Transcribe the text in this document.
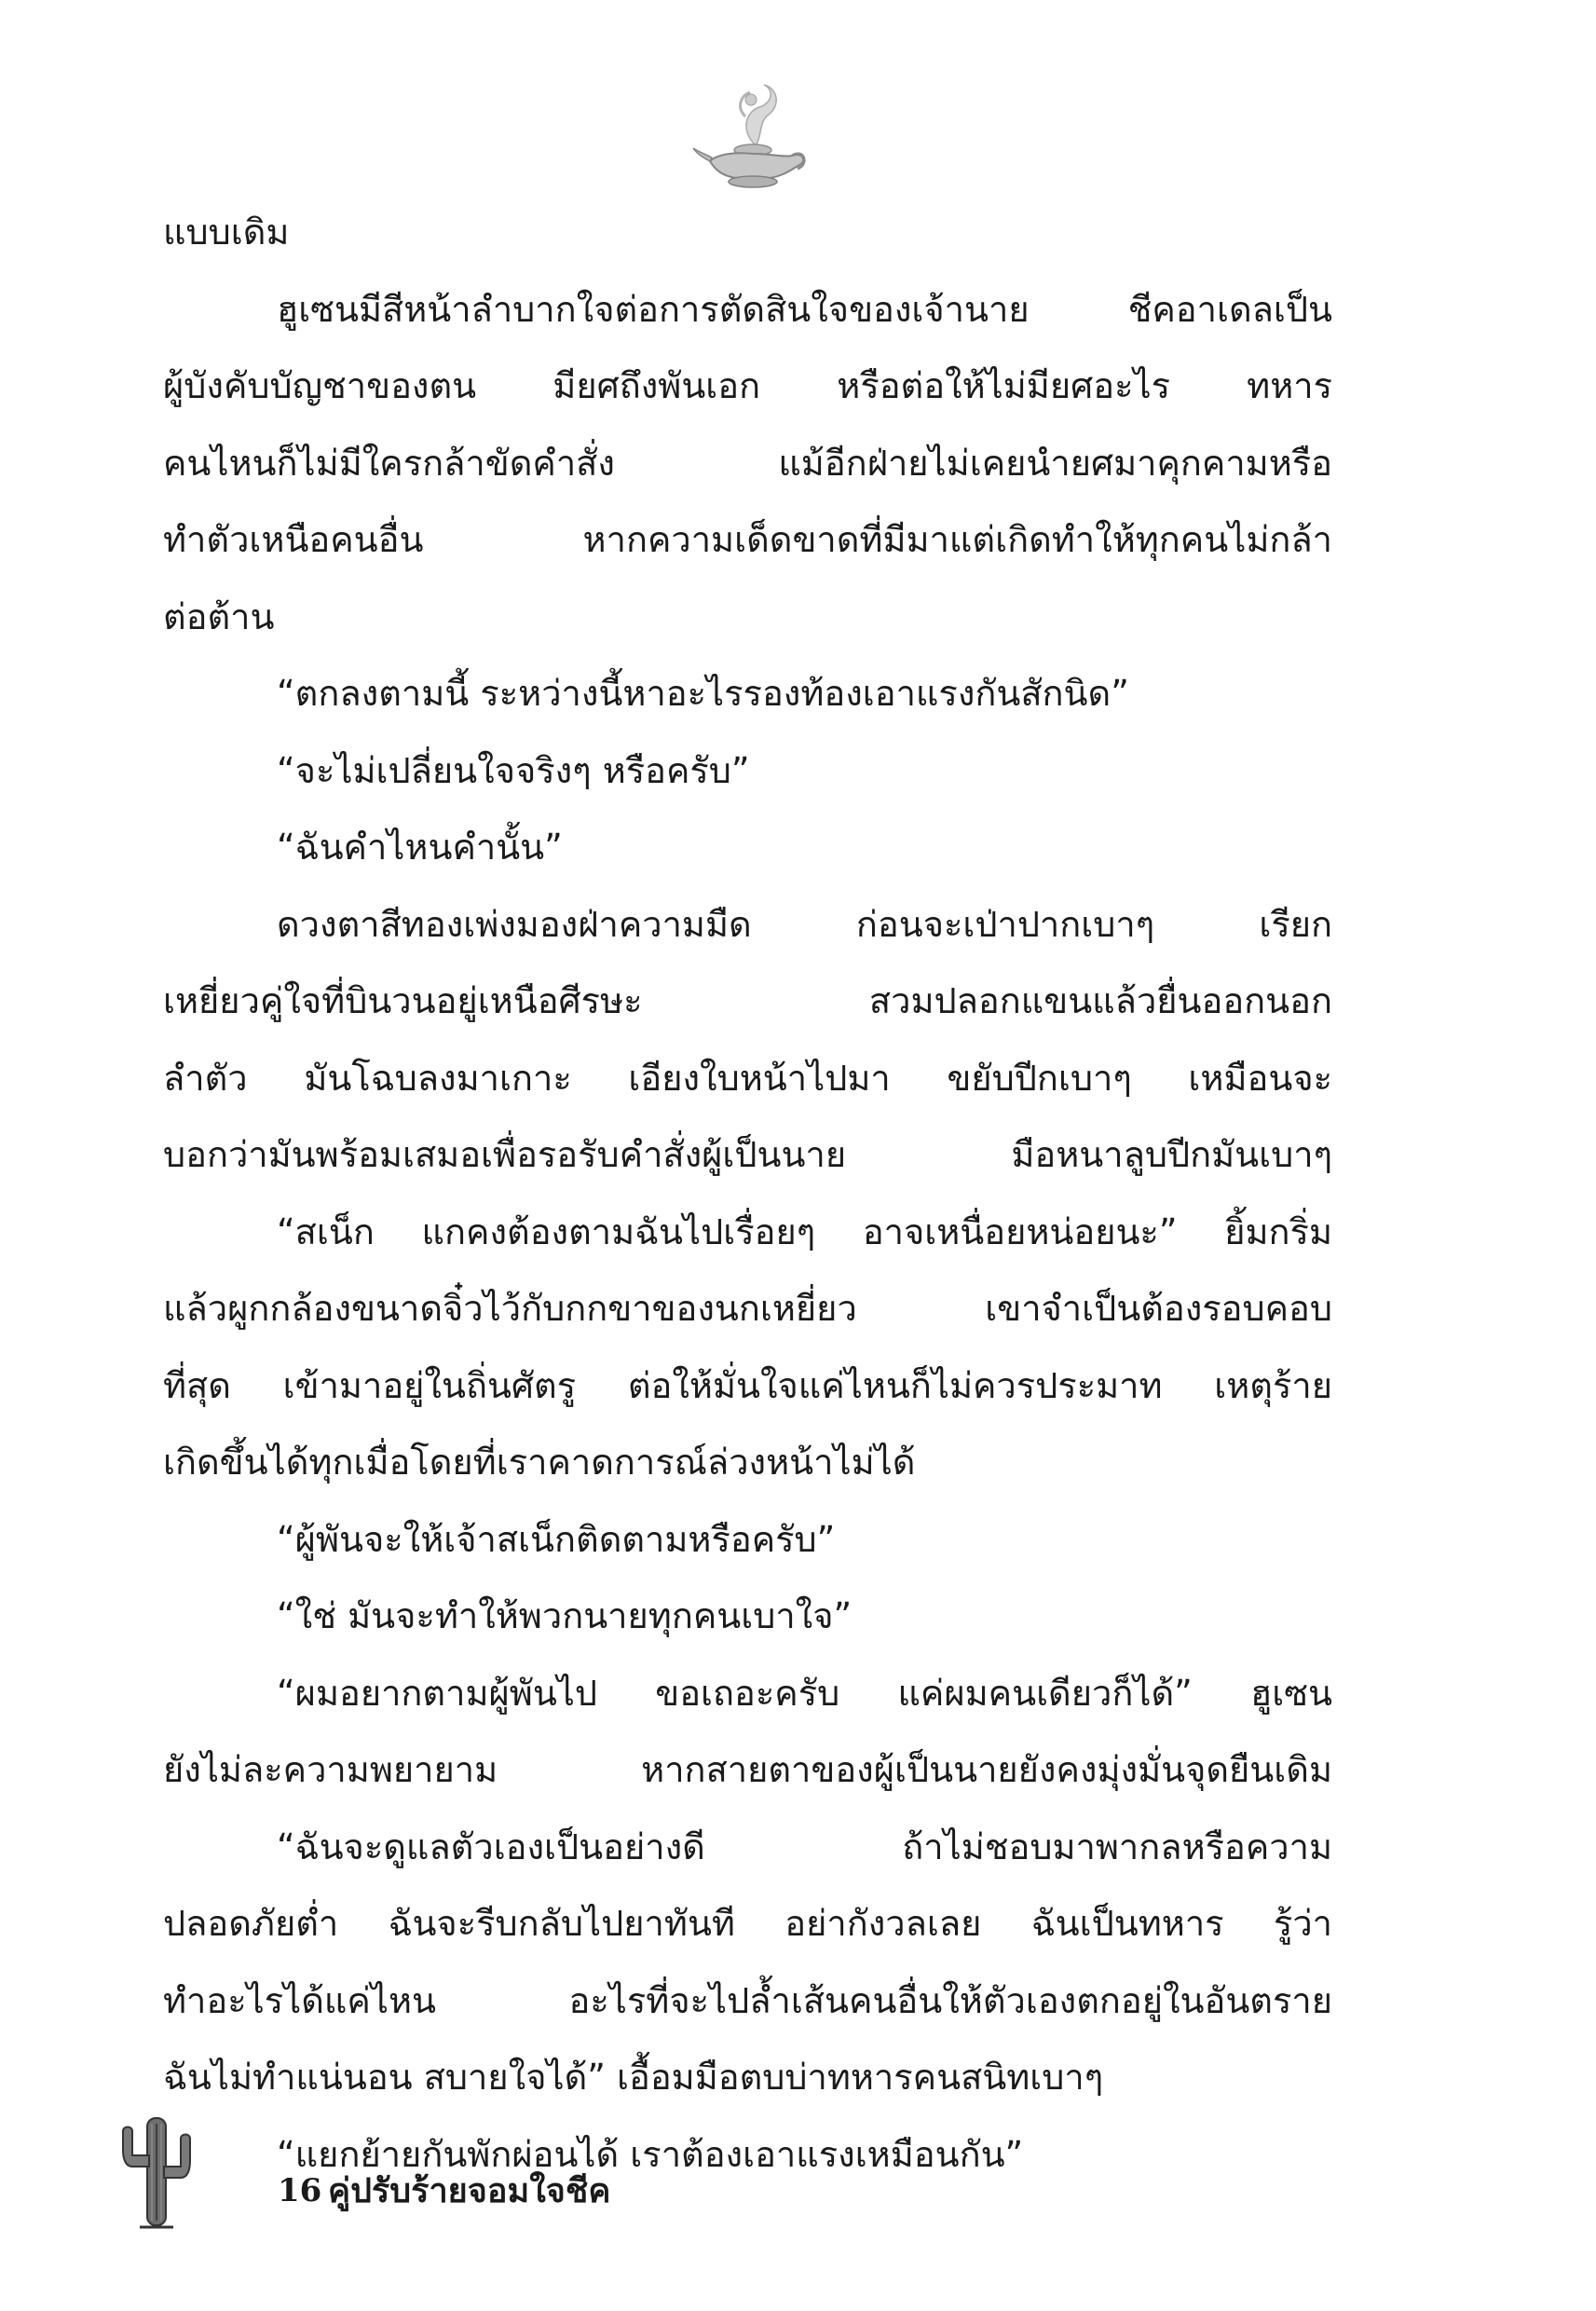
แบบเดิม
ฮูเซนมีสีหน้าลำบากใจต่อการตัดสินใจของเจ้านาย ชีคอาเดลเป็น
ผู้บังคับบัญชาของตน มียศถึงพันเอก หรือต่อให้ไม่มียศอะไร ทหาร
คนไหนก็ไม่มีใครกล้าขัดคำสั่ง แม้อีกฝ่ายไม่เคยนำยศมาคุกคามหรือ
ทำตัวเหนือคนอื่น หากความเด็ดขาดที่มีมาแต่เกิดทำให้ทุกคนไม่กล้า
ต่อต้าน
“ตกลงตามนี้ ระหว่างนี้หาอะไรรองท้องเอาแรงกันสักนิด”
“จะไม่เปลี่ยนใจจริงๆ หรือครับ”
“ฉันคำไหนคำนั้น”
ดวงตาสีทองเพ่งมองฝ่าความมืด ก่อนจะเป่าปากเบาๆ เรียก
เหยี่ยวคู่ใจที่บินวนอยู่เหนือศีรษะ สวมปลอกแขนแล้วยื่นออกนอก
ลำตัว มันโฉบลงมาเกาะ เอียงใบหน้าไปมา ขยับปีกเบาๆ เหมือนจะ
บอกว่ามันพร้อมเสมอเพื่อรอรับคำสั่งผู้เป็นนาย มือหนาลูบปีกมันเบาๆ
“สเน็ก แกคงต้องตามฉันไปเรื่อยๆ อาจเหนื่อยหน่อยนะ” ยิ้มกริ่ม
แล้วผูกกล้องขนาดจิ๋วไว้กับกกขาของนกเหยี่ยว เขาจำเป็นต้องรอบคอบ
ที่สุด เข้ามาอยู่ในถิ่นศัตรู ต่อให้มั่นใจแค่ไหนก็ไม่ควรประมาท เหตุร้าย
เกิดขึ้นได้ทุกเมื่อโดยที่เราคาดการณ์ล่วงหน้าไม่ได้
“ผู้พันจะให้เจ้าสเน็กติดตามหรือครับ”
“ใช่ มันจะทำให้พวกนายทุกคนเบาใจ”
“ผมอยากตามผู้พันไป ขอเถอะครับ แค่ผมคนเดียวก็ได้” ฮูเซน
ยังไม่ละความพยายาม หากสายตาของผู้เป็นนายยังคงมุ่งมั่นจุดยืนเดิม
“ฉันจะดูแลตัวเองเป็นอย่างดี ถ้าไม่ชอบมาพากลหรือความ
ปลอดภัยต่ำ ฉันจะรีบกลับไปยาทันที อย่ากังวลเลย ฉันเป็นทหาร รู้ว่า
ทำอะไรได้แค่ไหน อะไรที่จะไปล้ำเส้นคนอื่นให้ตัวเองตกอยู่ในอันตราย
ฉันไม่ทำแน่นอน สบายใจได้” เอื้อมมือตบบ่าทหารคนสนิทเบาๆ
“แยกย้ายกันพักผ่อนได้ เราต้องเอาแรงเหมือนกัน”
16 คู่ปรับร้ายจอมใจชีค
